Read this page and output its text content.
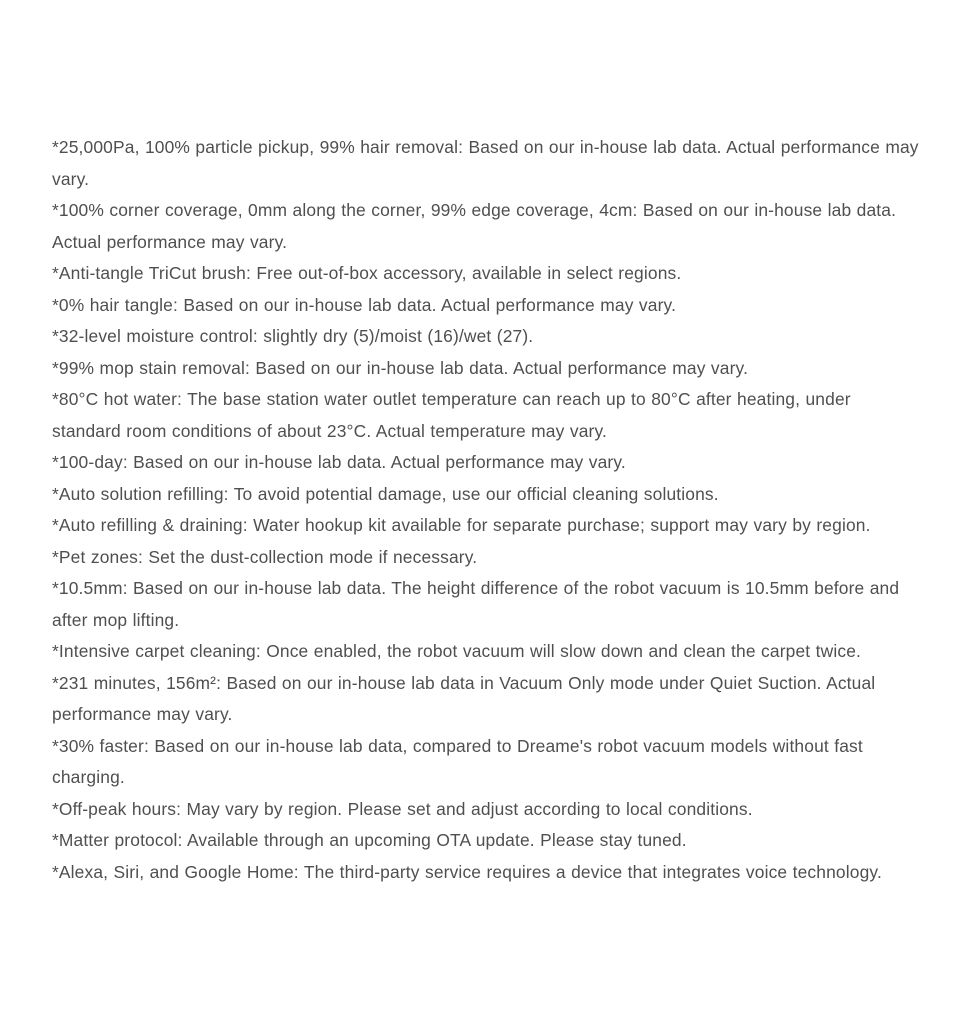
*25,000Pa, 100% particle pickup, 99% hair removal: Based on our in-house lab data. Actual performance may vary.

*100% corner coverage, 0mm along the corner, 99% edge coverage, 4cm: Based on our in-house lab data. Actual performance may vary.

*Anti-tangle TriCut brush: Free out-of-box accessory, available in select regions.

*0% hair tangle: Based on our in-house lab data. Actual performance may vary.

*32-level moisture control: slightly dry (5)/moist (16)/wet (27).

*99% mop stain removal: Based on our in-house lab data. Actual performance may vary.

*80°C hot water: The base station water outlet temperature can reach up to 80°C after heating, under standard room conditions of about 23°C. Actual temperature may vary.

*100-day: Based on our in-house lab data. Actual performance may vary.

*Auto solution refilling: To avoid potential damage, use our official cleaning solutions.

*Auto refilling & draining: Water hookup kit available for separate purchase; support may vary by region.

*Pet zones: Set the dust-collection mode if necessary.

*10.5mm: Based on our in-house lab data. The height difference of the robot vacuum is 10.5mm before and after mop lifting.

*Intensive carpet cleaning: Once enabled, the robot vacuum will slow down and clean the carpet twice.

*231 minutes, 156m²: Based on our in-house lab data in Vacuum Only mode under Quiet Suction. Actual performance may vary.

*30% faster: Based on our in-house lab data, compared to Dreame's robot vacuum models without fast charging.

*Off-peak hours: May vary by region. Please set and adjust according to local conditions.

*Matter protocol: Available through an upcoming OTA update. Please stay tuned.

*Alexa, Siri, and Google Home: The third-party service requires a device that integrates voice technology.
